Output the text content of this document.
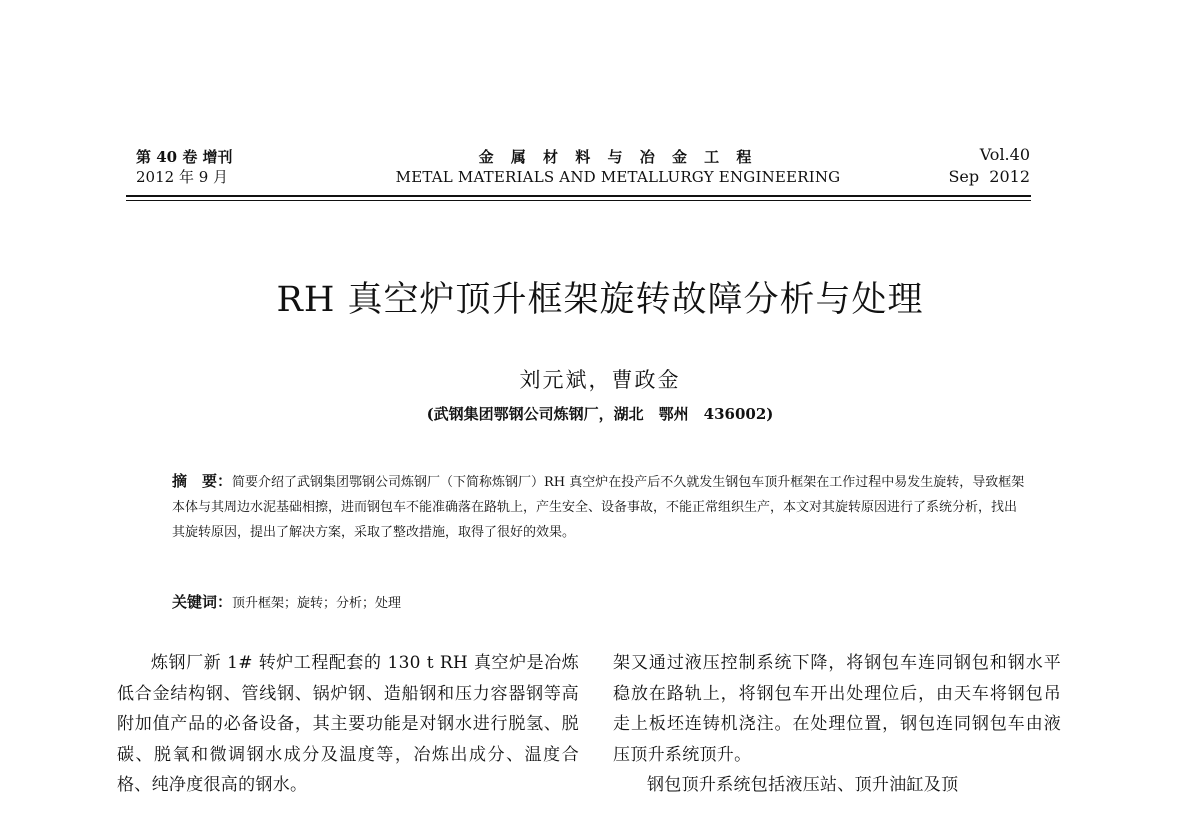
第 40 卷 增刊
2012 年 9 月
金 属 材 料 与 冶 金 工 程
METAL MATERIALS AND METALLURGY ENGINEERING
Vol.40
Sep  2012
RH 真空炉顶升框架旋转故障分析与处理
刘元斌，曹政金
(武钢集团鄂钢公司炼钢厂，湖北　鄂州　436002)

摘　要：简要介绍了武钢集团鄂钢公司炼钢厂（下简称炼钢厂）RH 真空炉在投产后不久就发生钢包车顶升框架在工作过程中易发生旋转，导致框架本体与其周边水泥基础相擦，进而钢包车不能准确落在路轨上，产生安全、设备事故，不能正常组织生产，本文对其旋转原因进行了系统分析，找出其旋转原因，提出了解决方案，采取了整改措施，取得了很好的效果。

关键词：顶升框架；旋转；分析；处理

炼钢厂新 1# 转炉工程配套的 130 t RH 真空炉是冶炼低合金结构钢、管线钢、锅炉钢、造船钢和压力容器钢等高附加值产品的必备设备，其主要功能是对钢水进行脱氢、脱碳、脱氧和微调钢水成分及温度等，冶炼出成分、温度合格、纯净度很高的钢水。

架又通过液压控制系统下降，将钢包车连同钢包和钢水平稳放在路轨上，将钢包车开出处理位后，由天车将钢包吊走上板坯连铸机浇注。在处理位置，钢包连同钢包车由液压顶升系统顶升。

钢包顶升系统包括液压站、顶升油缸及顶
